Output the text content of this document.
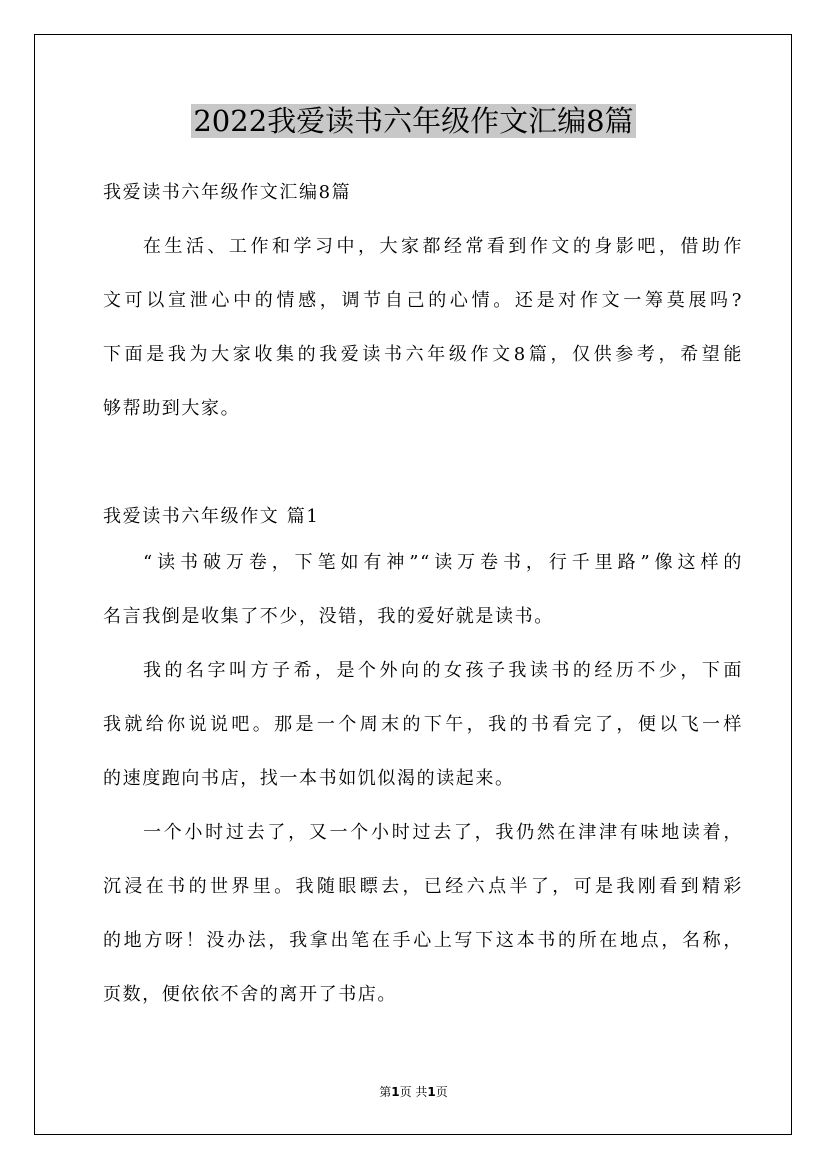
2022我爱读书六年级作文汇编8篇

我爱读书六年级作文汇编8篇

在生活、工作和学习中，大家都经常看到作文的身影吧，借助作

文可以宣泄心中的情感，调节自己的心情。还是对作文一筹莫展吗?

下面是我为大家收集的我爱读书六年级作文8篇，仅供参考，希望能

够帮助到大家。

我爱读书六年级作文 篇1

“读书破万卷，下笔如有神”“读万卷书，行千里路”像这样的

名言我倒是收集了不少，没错，我的爱好就是读书。

我的名字叫方子希，是个外向的女孩子我读书的经历不少，下面

我就给你说说吧。那是一个周末的下午，我的书看完了，便以飞一样

的速度跑向书店，找一本书如饥似渴的读起来。

一个小时过去了，又一个小时过去了，我仍然在津津有味地读着，

沉浸在书的世界里。我随眼瞟去，已经六点半了，可是我刚看到精彩

的地方呀！没办法，我拿出笔在手心上写下这本书的所在地点，名称，

页数，便依依不舍的离开了书店。

第1页 共1页
